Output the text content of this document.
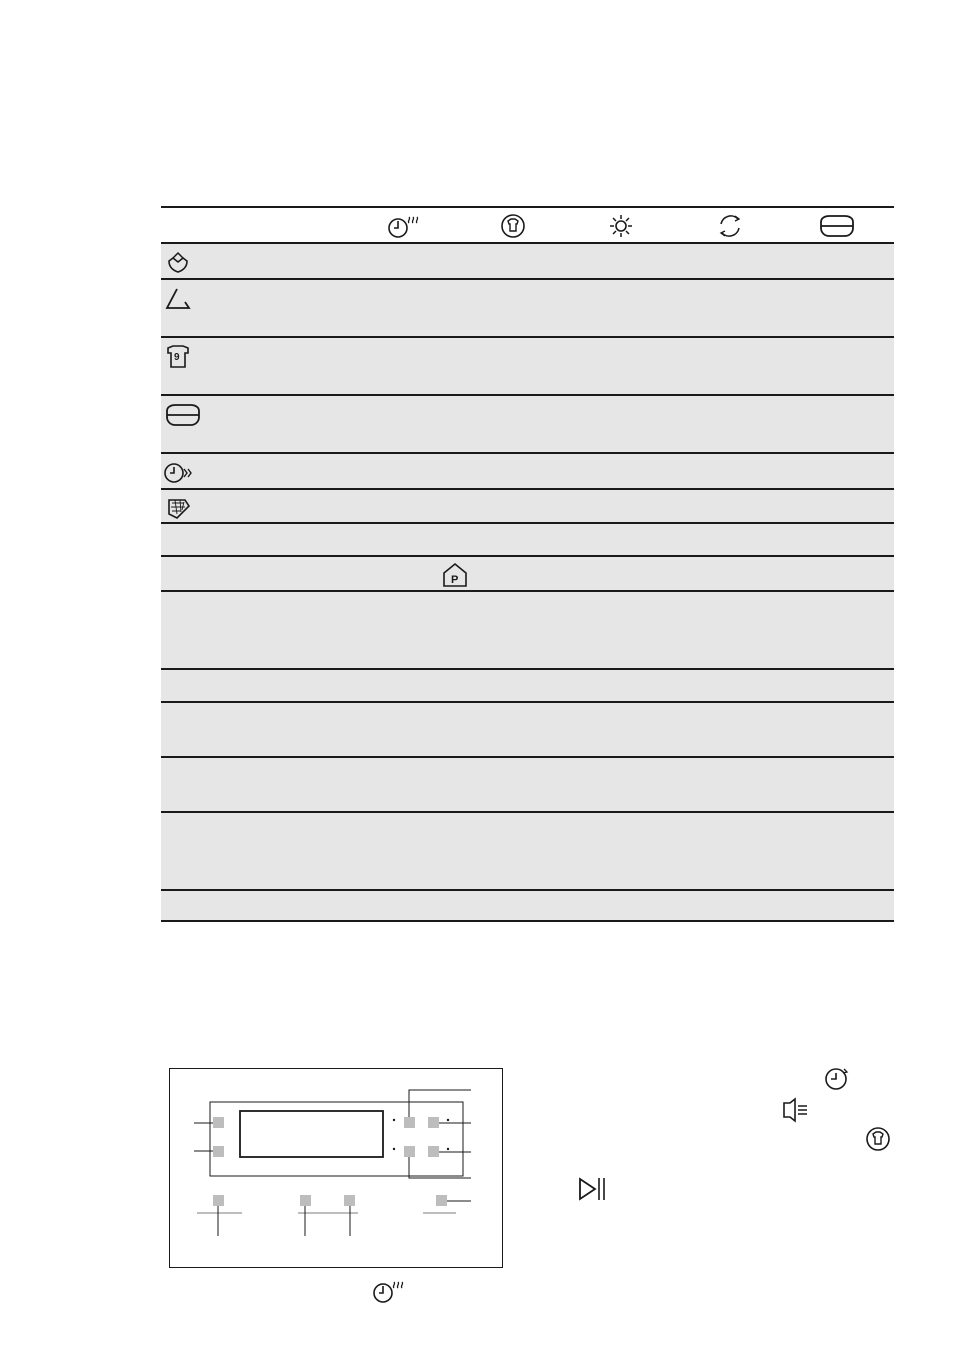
9
P
